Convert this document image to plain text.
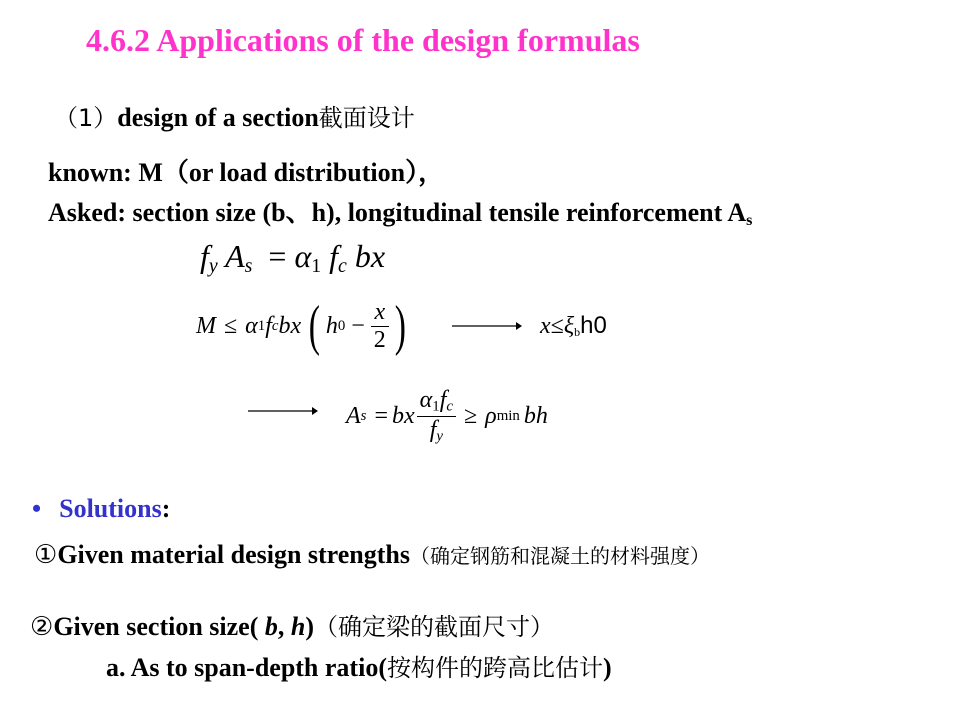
4.6.2 Applications of the design formulas
（1）design of a section截面设计
known: M（or load distribution），
Asked: section size (b、h), longitudinal tensile reinforcement $A_s$
$f_y$ $A_s = \alpha_1$ $f_c$ bx
M ≤ α 1 f c bx ( h $0 - \frac{x}{2}$ )	$x\le\xi_bh0$
A s = bx $\frac{\alpha_1f_c}{f_y} \ge \rho$ min bh
• Solutions:
①Given material design strengths（确定钢筋和混凝土的材料强度）
②Given section size( b, h)（确定梁的截面尺寸）
a. As to span-depth ratio(按构件的跨高比估计)
